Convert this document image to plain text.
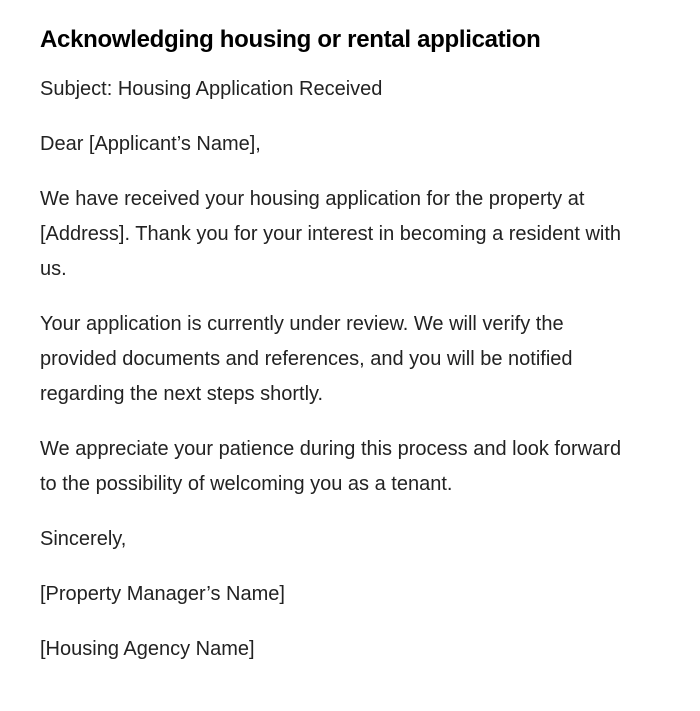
Acknowledging housing or rental application

Subject: Housing Application Received

Dear [Applicant’s Name],

We have received your housing application for the property at [Address]. Thank you for your interest in becoming a resident with us.

Your application is currently under review. We will verify the provided documents and references, and you will be notified regarding the next steps shortly.

We appreciate your patience during this process and look forward to the possibility of welcoming you as a tenant.

Sincerely,

[Property Manager’s Name]

[Housing Agency Name]
